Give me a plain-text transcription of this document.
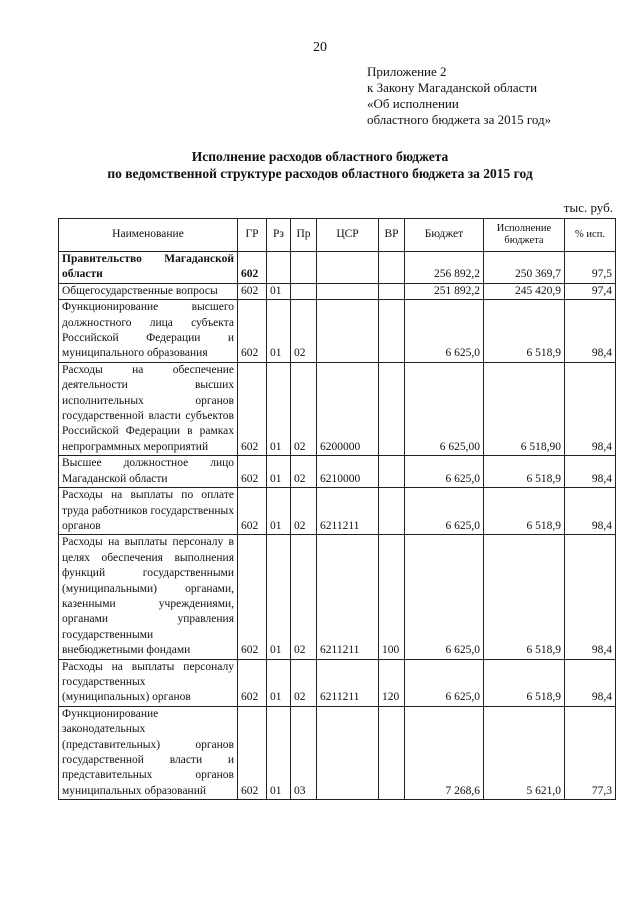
20
Приложение 2
к Закону Магаданской области
«Об исполнении
областного бюджета за 2015 год»
Исполнение расходов областного бюджета
по ведомственной структуре расходов областного бюджета за 2015 год
тыс. руб.
Наименование	ГР	Рз	Пр	ЦСР	ВР	Бюджет	Исполнение бюджета	% исп.
Правительство Магаданской области	602					256 892,2	250 369,7	97,5
Общегосударственные вопросы	602	01				251 892,2	245 420,9	97,4
Функционирование высшего должностного лица субъекта Российской Федерации и муниципального образования	602	01	02			6 625,0	6 518,9	98,4
Расходы на обеспечение деятельности высших исполнительных органов государственной власти субъектов Российской Федерации в рамках непрограммных мероприятий	602	01	02	6200000		6 625,00	6 518,90	98,4
Высшее должностное лицо Магаданской области	602	01	02	6210000		6 625,0	6 518,9	98,4
Расходы на выплаты по оплате труда работников государственных органов	602	01	02	6211211		6 625,0	6 518,9	98,4
Расходы на выплаты персоналу в целях обеспечения выполнения функций государственными (муниципальными) органами, казенными учреждениями, органами управления государственными внебюджетными фондами	602	01	02	6211211	100	6 625,0	6 518,9	98,4
Расходы на выплаты персоналу государственных (муниципальных) органов	602	01	02	6211211	120	6 625,0	6 518,9	98,4
Функционирование законодательных (представительных) органов государственной власти и представительных органов муниципальных образований	602	01	03			7 268,6	5 621,0	77,3
